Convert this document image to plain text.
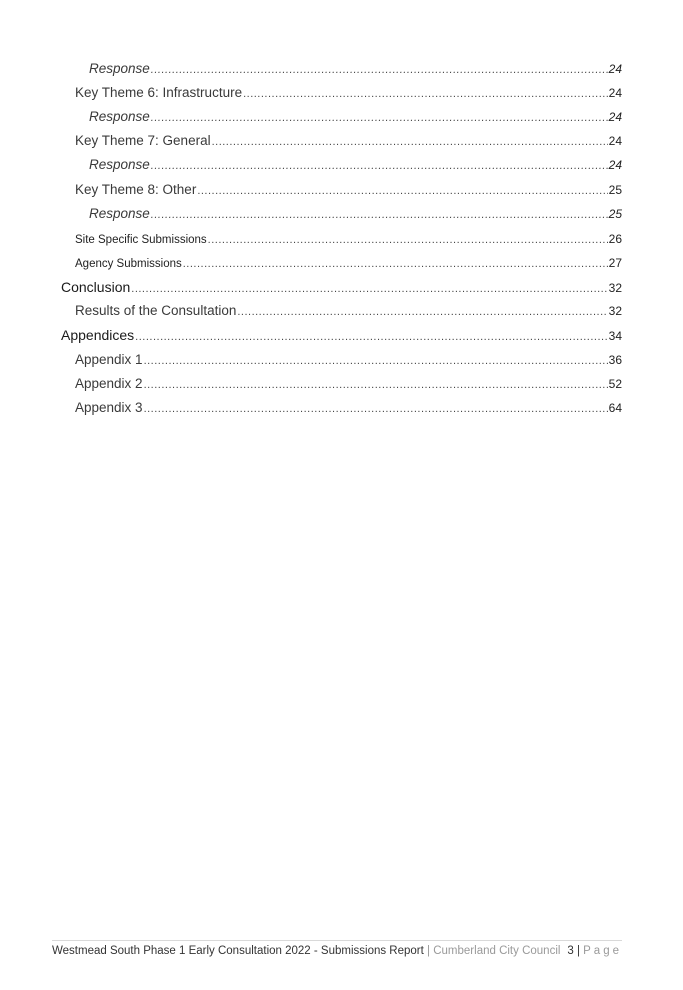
Response .....	24
Key Theme 6: Infrastructure .....	24
Response .....	24
Key Theme 7: General .....	24
Response .....	24
Key Theme 8: Other .....	25
Response .....	25
Site Specific Submissions .....	26
Agency Submissions .....	27
Conclusion .....	32
Results of the Consultation .....	32
Appendices .....	34
Appendix 1 .....	36
Appendix 2 .....	52
Appendix 3 .....	64
Westmead South Phase 1 Early Consultation 2022 - Submissions Report | Cumberland City Council 3 | Page
